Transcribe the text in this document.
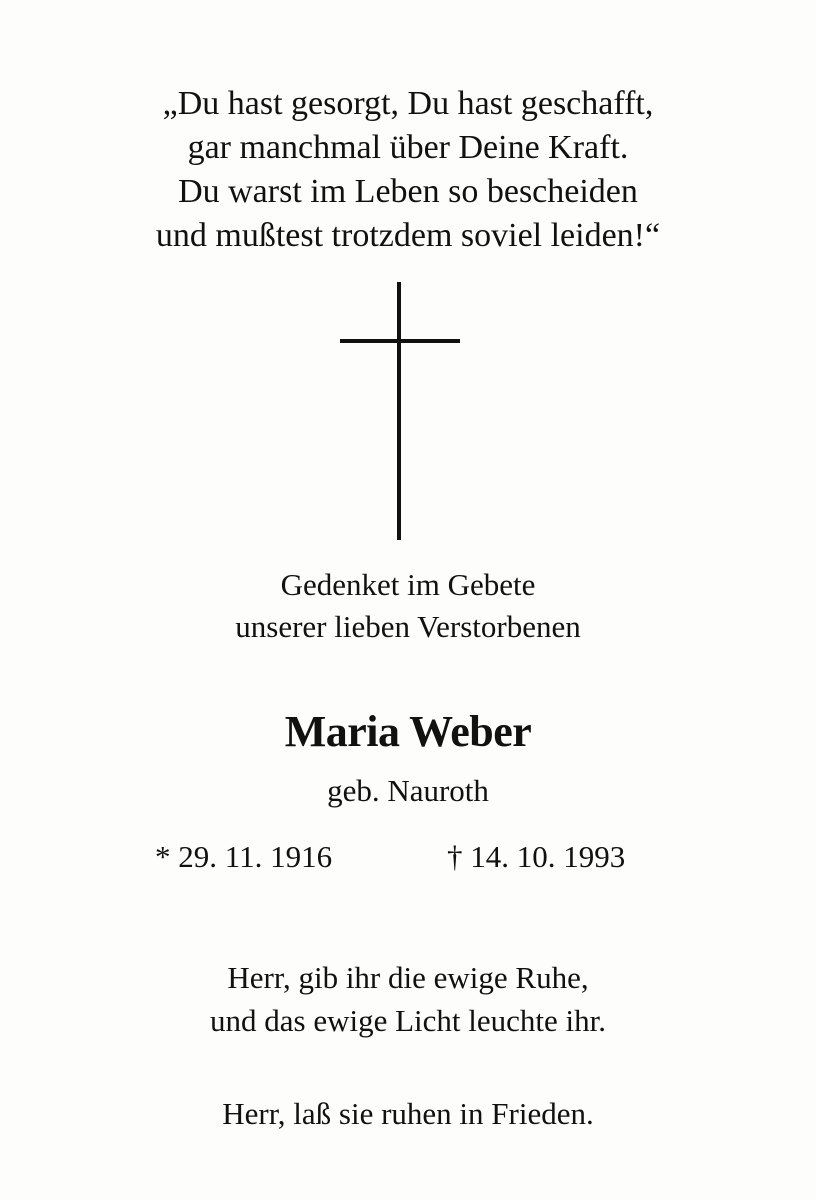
„Du hast gesorgt, Du hast geschafft,
gar manchmal über Deine Kraft.
Du warst im Leben so bescheiden
und mußtest trotzdem soviel leiden!“
Gedenket im Gebete
unserer lieben Verstorbenen
Maria Weber
geb. Nauroth
* 29. 11. 1916	† 14. 10. 1993
Herr, gib ihr die ewige Ruhe,
und das ewige Licht leuchte ihr.
Herr, laß sie ruhen in Frieden.
